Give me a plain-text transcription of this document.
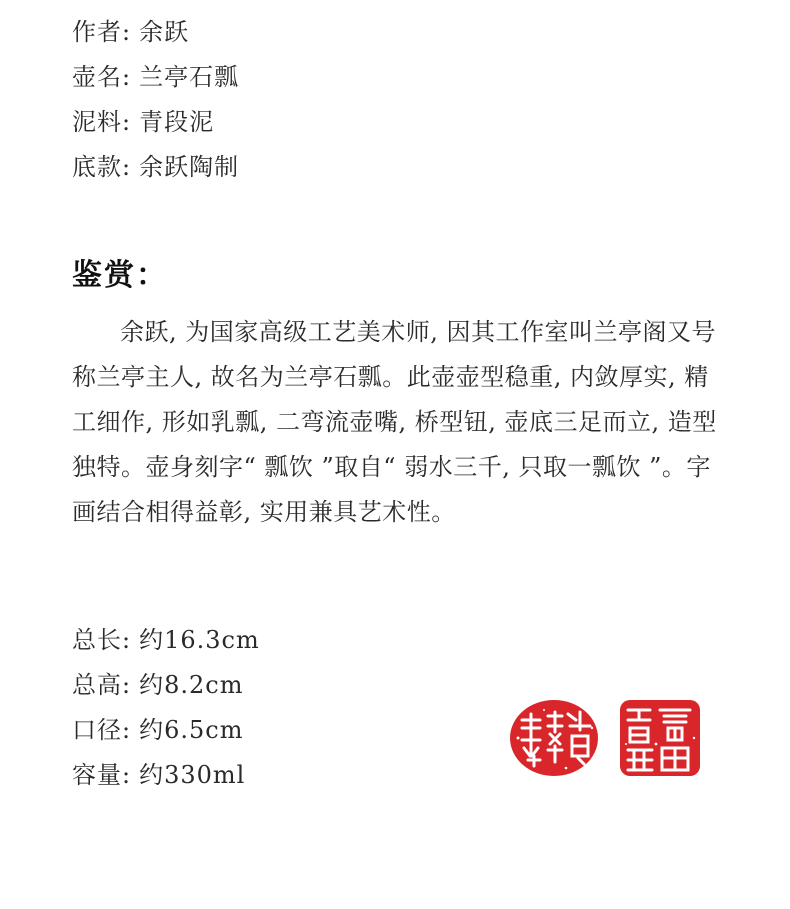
作者: 余跃
壶名: 兰亭石瓢
泥料: 青段泥
底款: 余跃陶制
鉴赏：

余跃, 为国家高级工艺美术师, 因其工作室叫兰亭阁又号称兰亭主人, 故名为兰亭石瓢。此壶壶型稳重, 内敛厚实, 精工细作, 形如乳瓢, 二弯流壶嘴, 桥型钮, 壶底三足而立, 造型独特。壶身刻字“ 瓢饮 ”取自“ 弱水三千, 只取一瓢饮 ”。字画结合相得益彰, 实用兼具艺术性。

总长: 约16.3cm
总高: 约8.2cm
口径: 约6.5cm
容量: 约330ml
